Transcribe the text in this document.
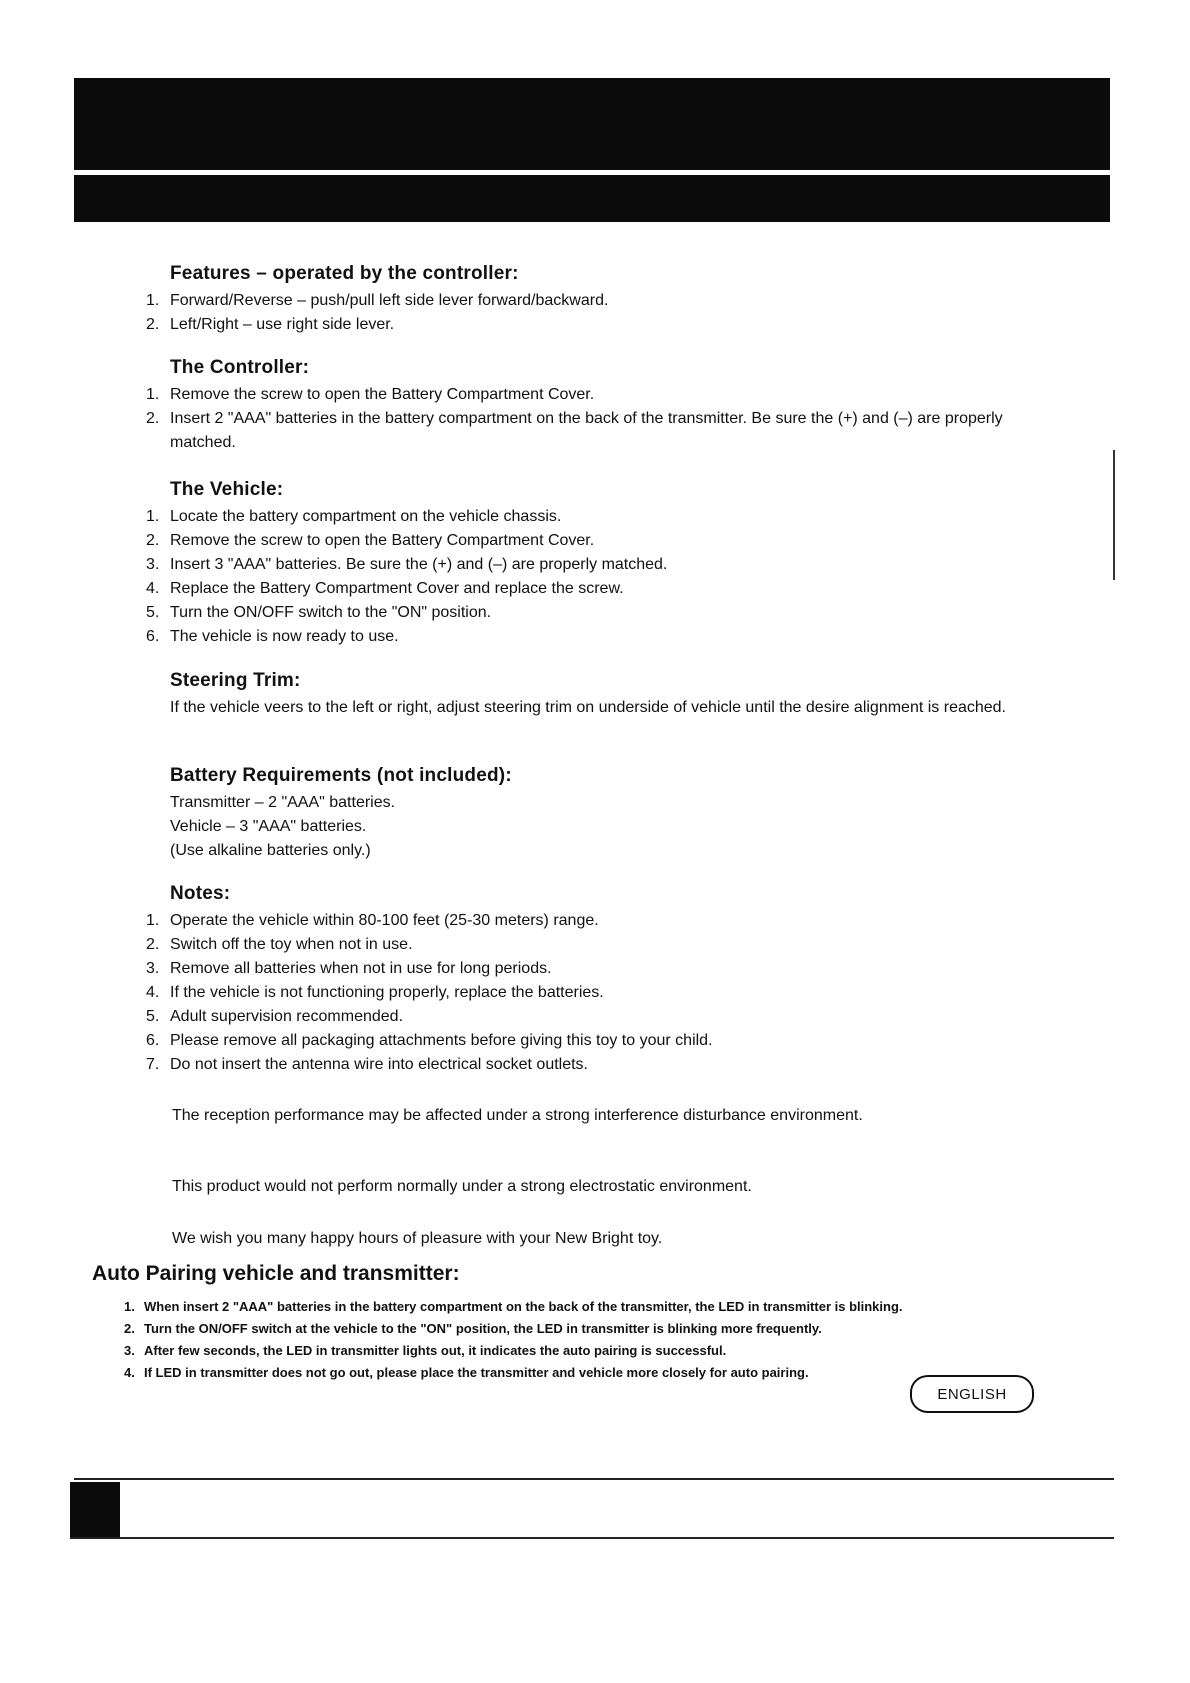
Features – operated by the controller:
1. Forward/Reverse – push/pull left side lever forward/backward.
2. Left/Right – use right side lever.
The Controller:
1. Remove the screw to open the Battery Compartment Cover.
2. Insert 2 "AAA" batteries in the battery compartment on the back of the transmitter. Be sure the (+) and (–) are properly matched.
The Vehicle:
1. Locate the battery compartment on the vehicle chassis.
2. Remove the screw to open the Battery Compartment Cover.
3. Insert 3 "AAA" batteries. Be sure the (+) and (–) are properly matched.
4. Replace the Battery Compartment Cover and replace the screw.
5. Turn the ON/OFF switch to the "ON" position.
6. The vehicle is now ready to use.
Steering Trim:
If the vehicle veers to the left or right, adjust steering trim on underside of vehicle until the desire alignment is reached.
Battery Requirements (not included):
Transmitter – 2 "AAA" batteries.
Vehicle – 3 "AAA" batteries.
(Use alkaline batteries only.)
Notes:
1. Operate the vehicle within 80-100 feet (25-30 meters) range.
2. Switch off the toy when not in use.
3. Remove all batteries when not in use for long periods.
4. If the vehicle is not functioning properly, replace the batteries.
5. Adult supervision recommended.
6. Please remove all packaging attachments before giving this toy to your child.
7. Do not insert the antenna wire into electrical socket outlets.
The reception performance may be affected under a strong interference disturbance environment.
This product would not perform normally under a strong electrostatic environment.
We wish you many happy hours of pleasure with your New Bright toy.
Auto Pairing vehicle and transmitter:
1. When insert 2 "AAA" batteries in the battery compartment on the back of the transmitter, the LED in transmitter is blinking.
2. Turn the ON/OFF switch at the vehicle to the "ON" position, the LED in transmitter is blinking more frequently.
3. After few seconds, the LED in transmitter lights out, it indicates the auto pairing is successful.
4. If LED in transmitter does not go out, please place the transmitter and vehicle more closely for auto pairing.
ENGLISH
